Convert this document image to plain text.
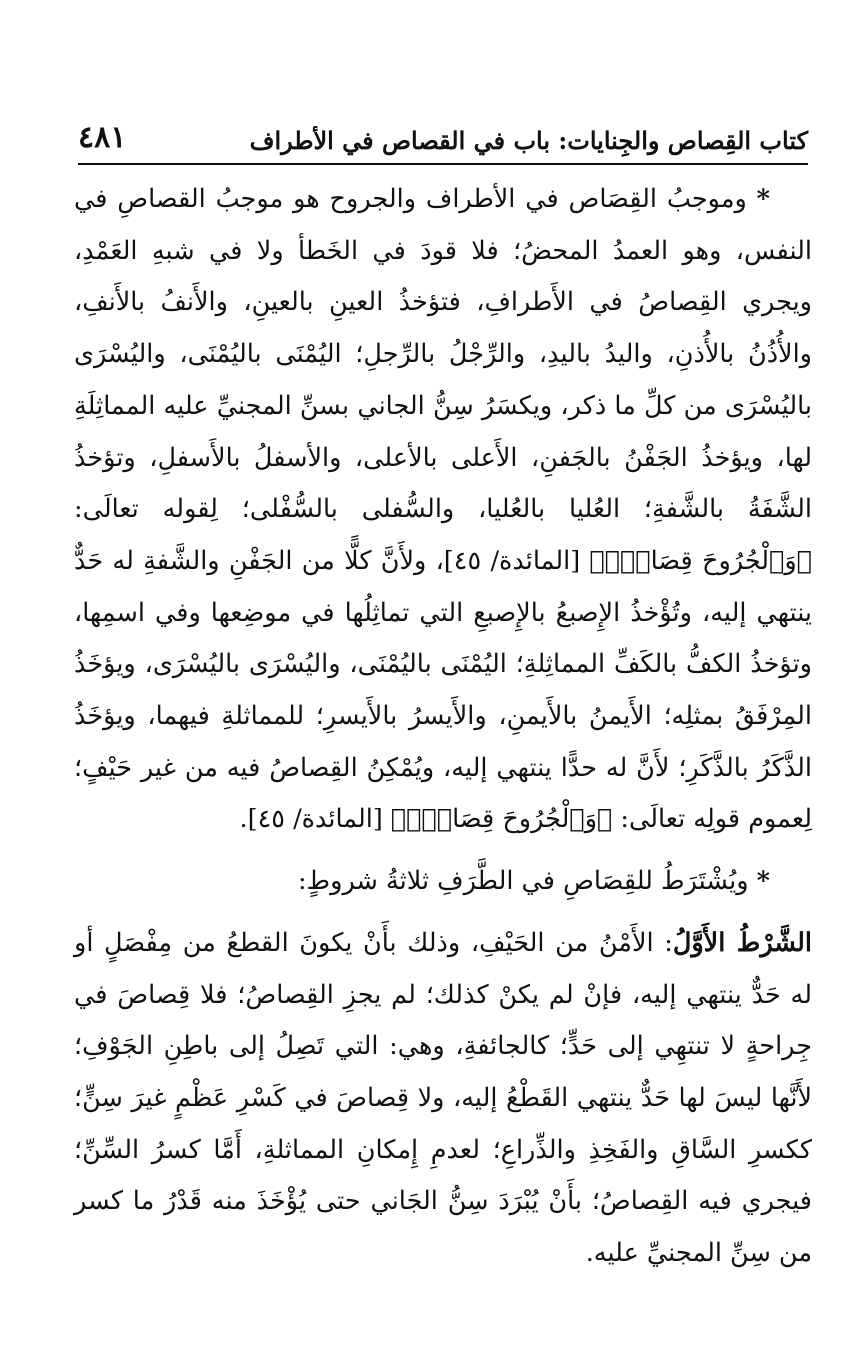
كتاب القِصاص والجِنايات: باب في القصاص في الأطراف
٤٨١

* وموجبُ القِصَاص في الأطراف والجروح هو موجبُ القصاصِ في النفس، وهو العمدُ المحضُ؛ فلا قودَ في الخَطأ ولا في شبهِ العَمْدِ، ويجري القِصاصُ في الأَطرافِ، فتؤخذُ العينِ بالعينِ، والأَنفُ بالأَنفِ، والأُذُنُ بالأُذنِ، واليدُ باليدِ، والرِّجْلُ بالرِّجلِ؛ اليُمْنَى باليُمْنَى، واليُسْرَى باليُسْرَى من كلِّ ما ذكر، ويكسَرُ سِنُّ الجاني بسنِّ المجنيِّ عليه المماثِلَةِ لها، ويؤخذُ الجَفْنُ بالجَفنِ، الأَعلى بالأعلى، والأسفلُ بالأَسفلِ، وتؤخذُ الشَّفَةُ بالشَّفةِ؛ العُليا بالعُليا، والسُّفلى بالسُّفْلى؛ لِقوله تعالَى: ﴿وَٱلْجُرُوحَ قِصَاصٌۚ﴾ [المائدة/ ٤٥]، ولأَنَّ كلًّا من الجَفْنِ والشَّفةِ له حَدٌّ ينتهي إليه، وتُؤْخذُ الإِصبعُ بالإِصبعِ التي تماثِلُها في موضِعها وفي اسمِها، وتؤخذُ الكفُّ بالكَفِّ المماثِلةِ؛ اليُمْنَى باليُمْنَى، واليُسْرَى باليُسْرَى، ويؤخَذُ المِرْفَقُ بمثلِه؛ الأَيمنُ بالأَيمنِ، والأَيسرُ بالأَيسرِ؛ للمماثلةِ فيهما، ويؤخَذُ الذَّكَرُ بالذَّكَرِ؛ لأَنَّ له حدًّا ينتهي إليه، ويُمْكِنُ القِصاصُ فيه من غير حَيْفٍ؛ لِعموم قولِه تعالَى: ﴿وَٱلْجُرُوحَ قِصَاصٌۚ﴾ [المائدة/ ٤٥].

* ويُشْتَرَطُ للقِصَاصِ في الطَّرَفِ ثلاثةُ شروطٍ:

الشَّرْطُ الأَوَّلُ: الأَمْنُ من الحَيْفِ، وذلك بأَنْ يكونَ القطعُ من مِفْصَلٍ أو له حَدٌّ ينتهي إليه، فإنْ لم يكنْ كذلك؛ لم يجزِ القِصاصُ؛ فلا قِصاصَ في جِراحةٍ لا تنتهِي إلى حَدٍّ؛ كالجائفةِ، وهي: التي تَصِلُ إلى باطِنِ الجَوْفِ؛ لأَنَّها ليسَ لها حَدٌّ ينتهي القَطْعُ إليه، ولا قِصاصَ في كَسْرِ عَظْمٍ غيرَ سِنٍّ؛ ككسرِ السَّاقِ والفَخِذِ والذِّراعِ؛ لعدمِ إِمكانِ المماثلةِ، أَمَّا كسرُ السِّنِّ؛ فيجري فيه القِصاصُ؛ بأَنْ يُبْرَدَ سِنُّ الجَاني حتى يُؤْخَذَ منه قَدْرُ ما كسر من سِنِّ المجنيِّ عليه.
